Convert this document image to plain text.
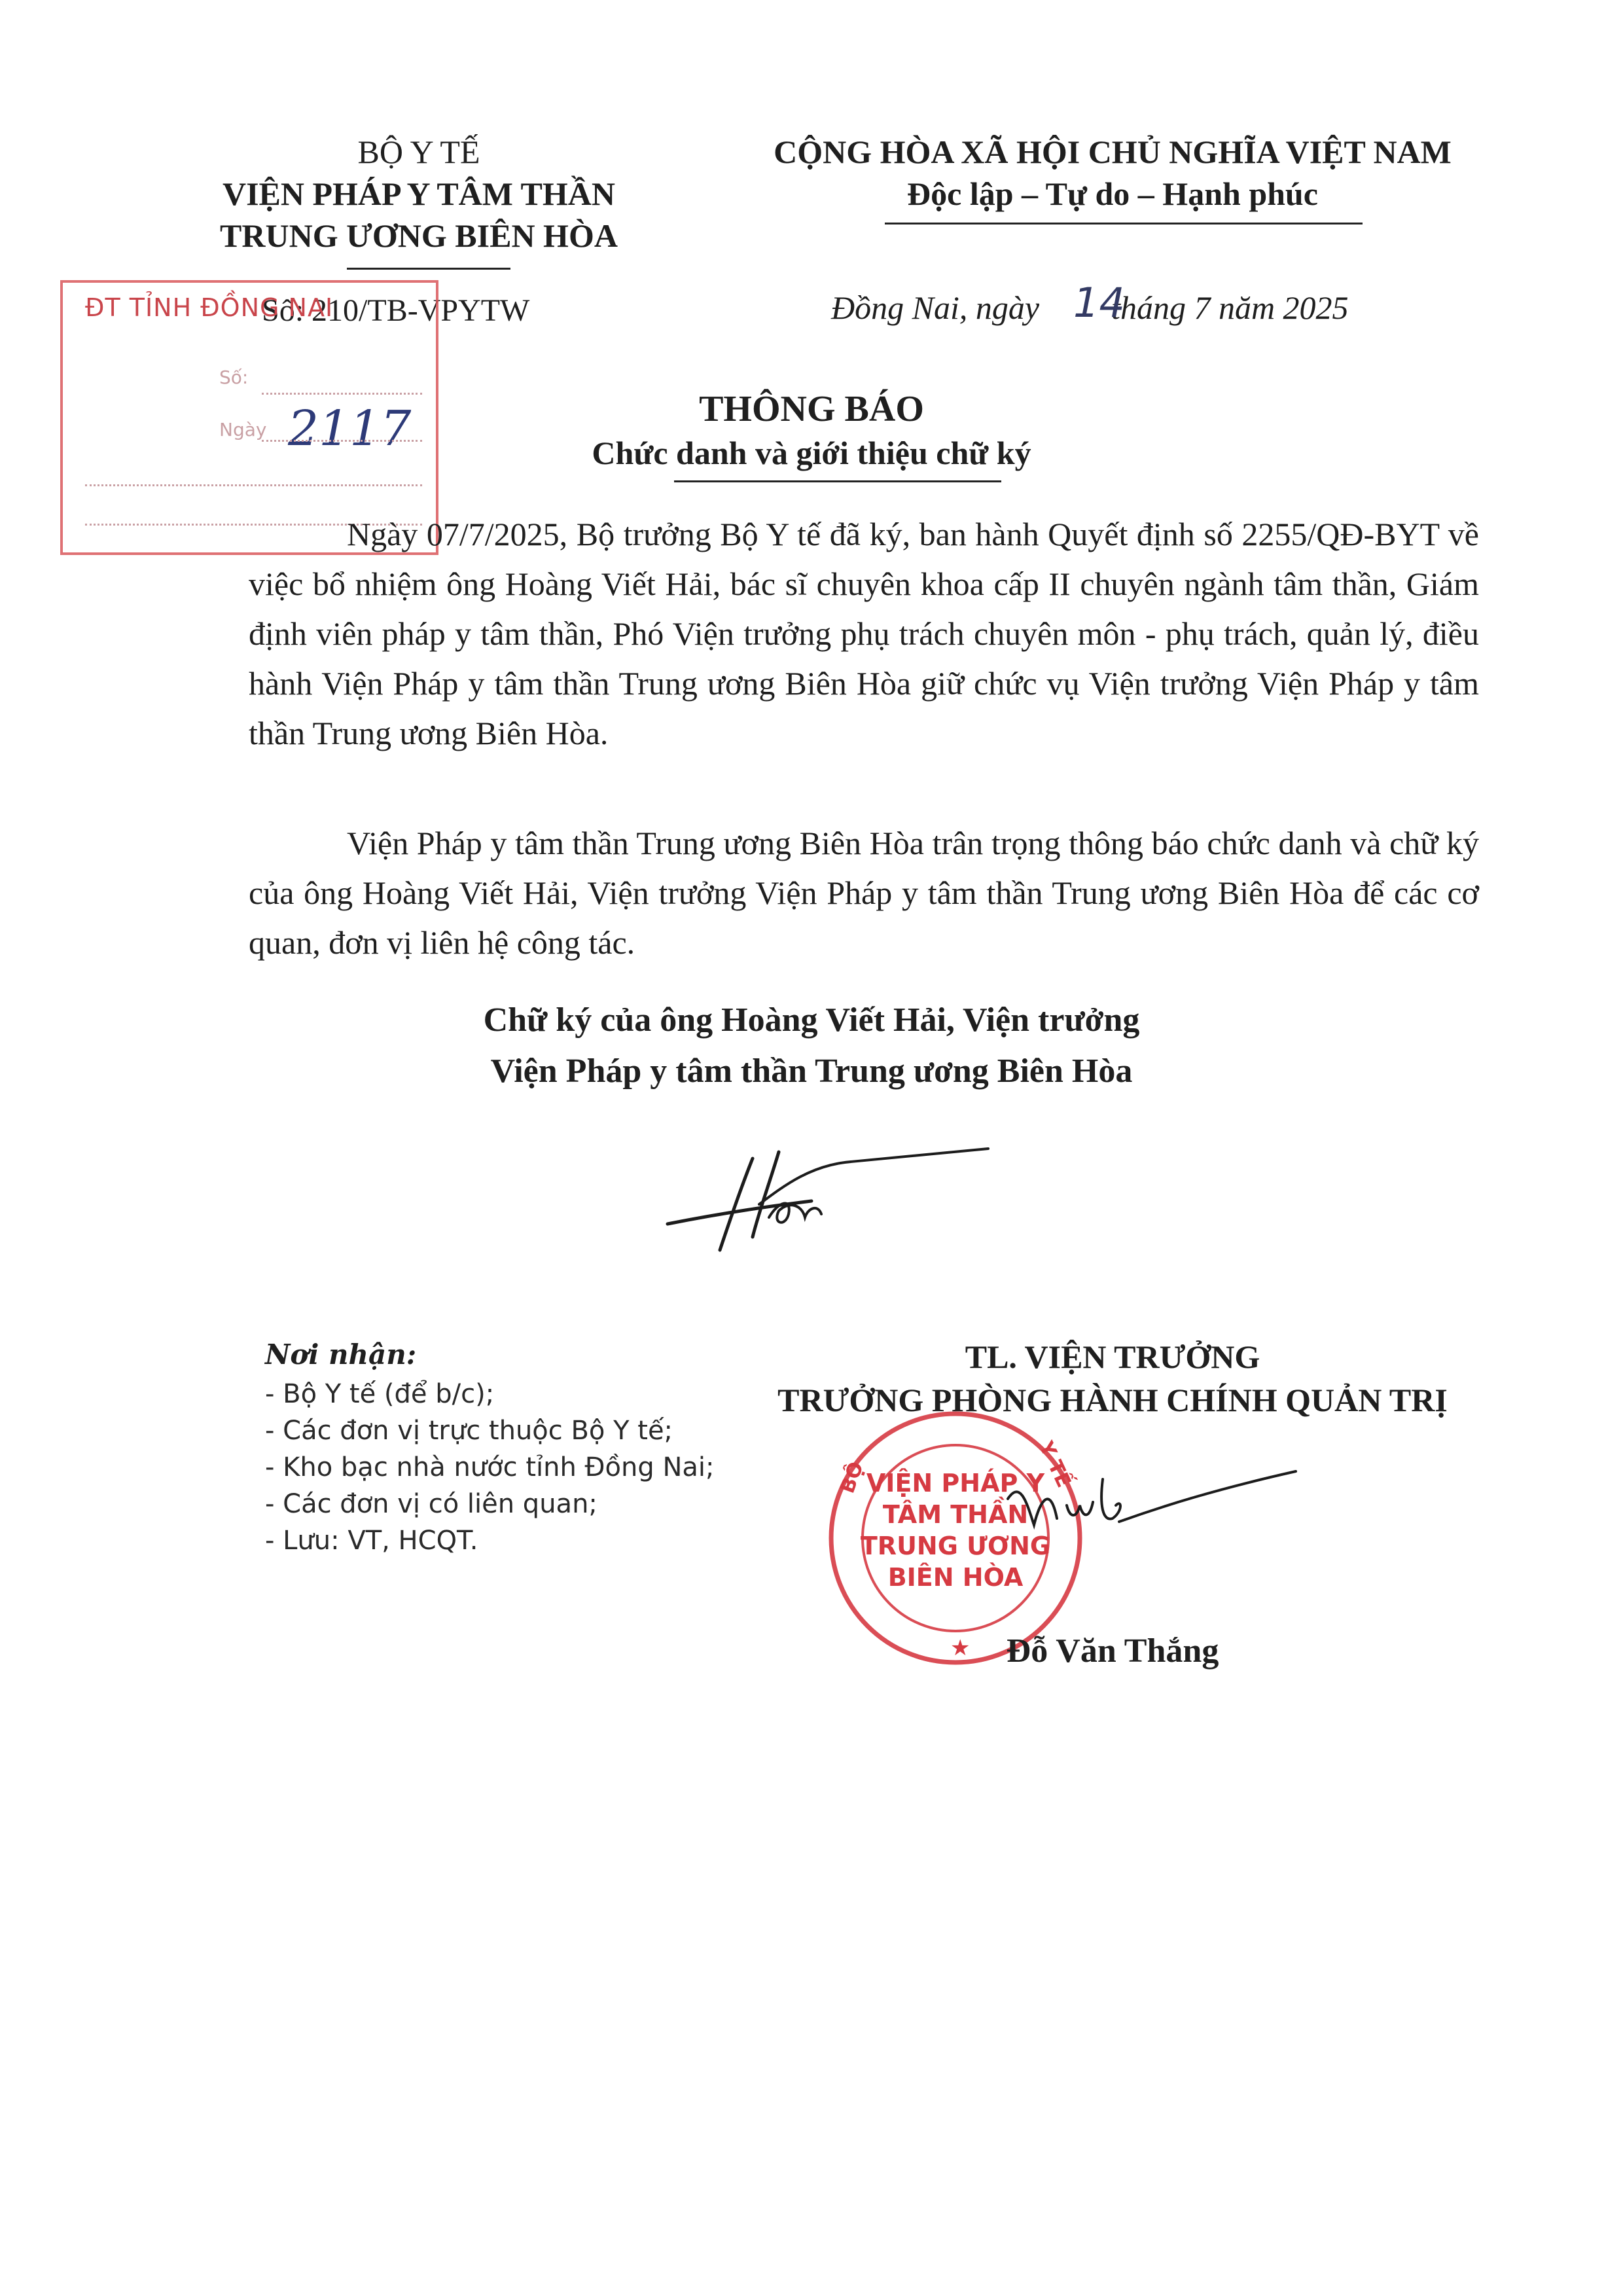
BỘ Y TẾ
VIỆN PHÁP Y TÂM THẦN
TRUNG ƯƠNG BIÊN HÒA
CỘNG HÒA XÃ HỘI CHỦ NGHĨA VIỆT NAM
Độc lập – Tự do – Hạnh phúc
Số: 210/TB-VPYTW	Đồng Nai, ngày tháng 7 năm 2025
14
ĐT TỈNH ĐỒNG NAI
Số:
Ngày 2117	THÔNG BÁO
Chức danh và giới thiệu chữ ký
Ngày 07/7/2025, Bộ trưởng Bộ Y tế đã ký, ban hành Quyết định số 2255/QĐ-BYT về việc bổ nhiệm ông Hoàng Viết Hải, bác sĩ chuyên khoa cấp II chuyên ngành tâm thần, Giám định viên pháp y tâm thần, Phó Viện trưởng phụ trách chuyên môn - phụ trách, quản lý, điều hành Viện Pháp y tâm thần Trung ương Biên Hòa giữ chức vụ Viện trưởng Viện Pháp y tâm thần Trung ương Biên Hòa.
Viện Pháp y tâm thần Trung ương Biên Hòa trân trọng thông báo chức danh và chữ ký của ông Hoàng Viết Hải, Viện trưởng Viện Pháp y tâm thần Trung ương Biên Hòa để các cơ quan, đơn vị liên hệ công tác.
Chữ ký của ông Hoàng Viết Hải, Viện trưởng
Viện Pháp y tâm thần Trung ương Biên Hòa
Nơi nhận:
- Bộ Y tế (để b/c);
- Các đơn vị trực thuộc Bộ Y tế;
- Kho bạc nhà nước tỉnh Đồng Nai;
- Các đơn vị có liên quan;
- Lưu: VT, HCQT.
TL. VIỆN TRƯỞNG
TRƯỞNG PHÒNG HÀNH CHÍNH QUẢN TRỊ
VIỆN PHÁP Y
TÂM THẦN
TRUNG ƯƠNG
BIÊN HÒA
BỘ	Y TẾ
★	Đỗ Văn Thắng
